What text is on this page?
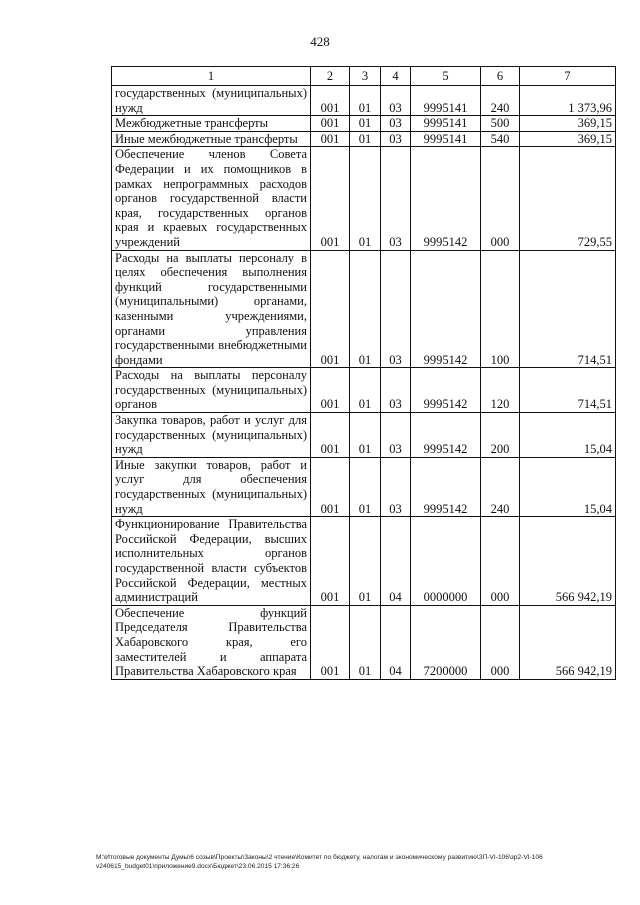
428
1	2	3	4	5	6	7
государственных (муниципальных) нужд	001	01	03	9995141	240	1 373,96
Межбюджетные трансферты	001	01	03	9995141	500	369,15
Иные межбюджетные трансферты	001	01	03	9995141	540	369,15
Обеспечение членов Совета Федерации и их помощников в рамках непрограммных расходов органов государственной власти края, государственных органов края и краевых государственных учреждений	001	01	03	9995142	000	729,55
Расходы на выплаты персоналу в целях обеспечения выполнения функций государственными (муниципальными) органами, казенными учреждениями, органами управления государственными внебюджетными фондами	001	01	03	9995142	100	714,51
Расходы на выплаты персоналу государственных (муниципальных) органов	001	01	03	9995142	120	714,51
Закупка товаров, работ и услуг для государственных (муниципальных) нужд	001	01	03	9995142	200	15,04
Иные закупки товаров, работ и услуг для обеспечения государственных (муниципальных) нужд	001	01	03	9995142	240	15,04
Функционирование Правительства Российской Федерации, высших исполнительных органов государственной власти субъектов Российской Федерации, местных администраций	001	01	04	0000000	000	566 942,19
Обеспечение функций Председателя Правительства Хабаровского края, его заместителей и аппарата Правительства Хабаровского края	001	01	04	7200000	000	566 942,19
M:\Итоговые документы Думы\6 созыв\Проекты\Законы\2 чтение\Комитет по бюджету, налогам и экономическому развитию\ЗП-VI-106\зр2-VI-106 v240615_budget01\приложение9.docx\Бюджет\23.06.2015 17:36:26
